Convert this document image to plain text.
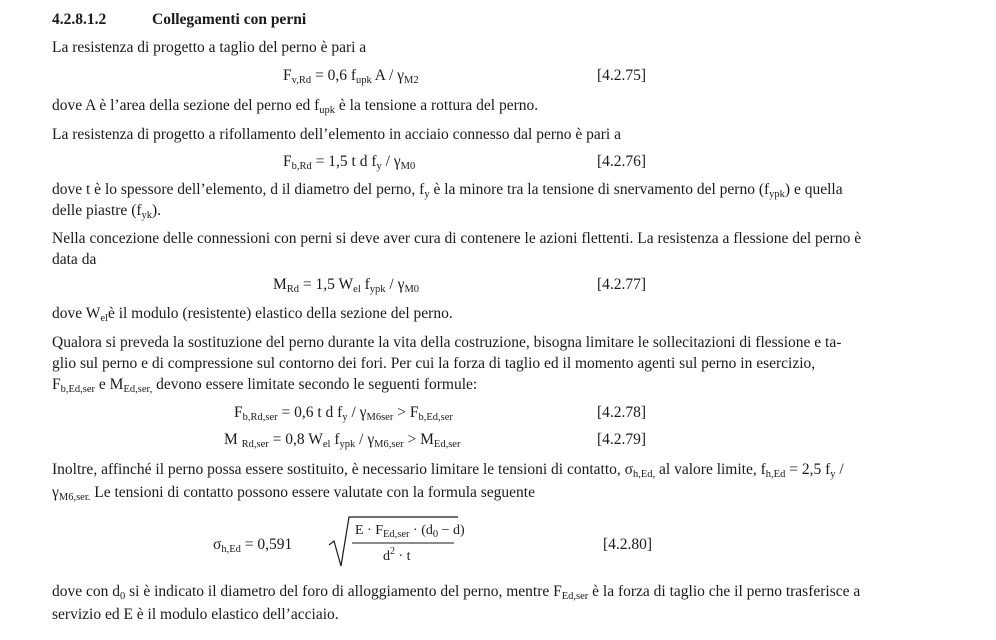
4.2.8.1.2	Collegamenti con perni
La resistenza di progetto a taglio del perno è pari a
$F_{v,Rd} = 0,6$ $f_{upk}$ A / $\gamma_{M2}$	[4.2.75]
dove A è l’area della sezione del perno ed $f_{upk}$ è la tensione a rottura del perno.
La resistenza di progetto a rifollamento dell’elemento in acciaio connesso dal perno è pari a
$F_{b,Rd} = 1,5$ t d $f_y / \gamma_{M0}$	[4.2.76]
dove t è lo spessore dell’elemento, d il diametro del perno, $f_y$ è la minore tra la tensione di snervamento del perno $(f_{ypk})$ e quella
delle piastre $(f_{yk})$.
Nella concezione delle connessioni con perni si deve aver cura di contenere le azioni flettenti. La resistenza a flessione del perno è
data da
$M_{Rd} = 1,5$ $W_{el}$ $f_{ypk} / \gamma_{M0}$	[4.2.77]
dove $W_{el}è$ il modulo (resistente) elastico della sezione del perno.
Qualora si preveda la sostituzione del perno durante la vita della costruzione, bisogna limitare le sollecitazioni di flessione e ta-
glio sul perno e di compressione sul contorno dei fori. Per cui la forza di taglio ed il momento agenti sul perno in esercizio,
$F_{b,Ed,ser}$ e $M_{Ed,ser,}$ devono essere limitate secondo le seguenti formule:
$F_{b,Rd,ser} = 0,6$ t d $f_y / \gamma_{M6ser} > F_{b,Ed,ser}$	[4.2.78]
M $_{Rd,ser}$ = 0,8 $W_{el}$ $f_{ypk} / \gamma_{M6,ser} > M_{Ed,ser}$	[4.2.79]
Inoltre, affinché il perno possa essere sostituito, è necessario limitare le tensioni di contatto, $\sigma_{h,Ed,}$ al valore limite, $f_{h,Ed} = 2,5$ $f_y$ /
$\gamma_{M6,ser.}$ Le tensioni di contatto possono essere valutate con la formula seguente
$\sigma_{h,Ed} = 0,591$
$E \cdot F_{Ed,ser} \cdot (d_0 - d)$
$d^2 \cdot t$
[4.2.80]
dove con $d_0$ si è indicato il diametro del foro di alloggiamento del perno, mentre $F_{Ed,ser}$ è la forza di taglio che il perno trasferisce a
servizio ed E è il modulo elastico dell’acciaio.
